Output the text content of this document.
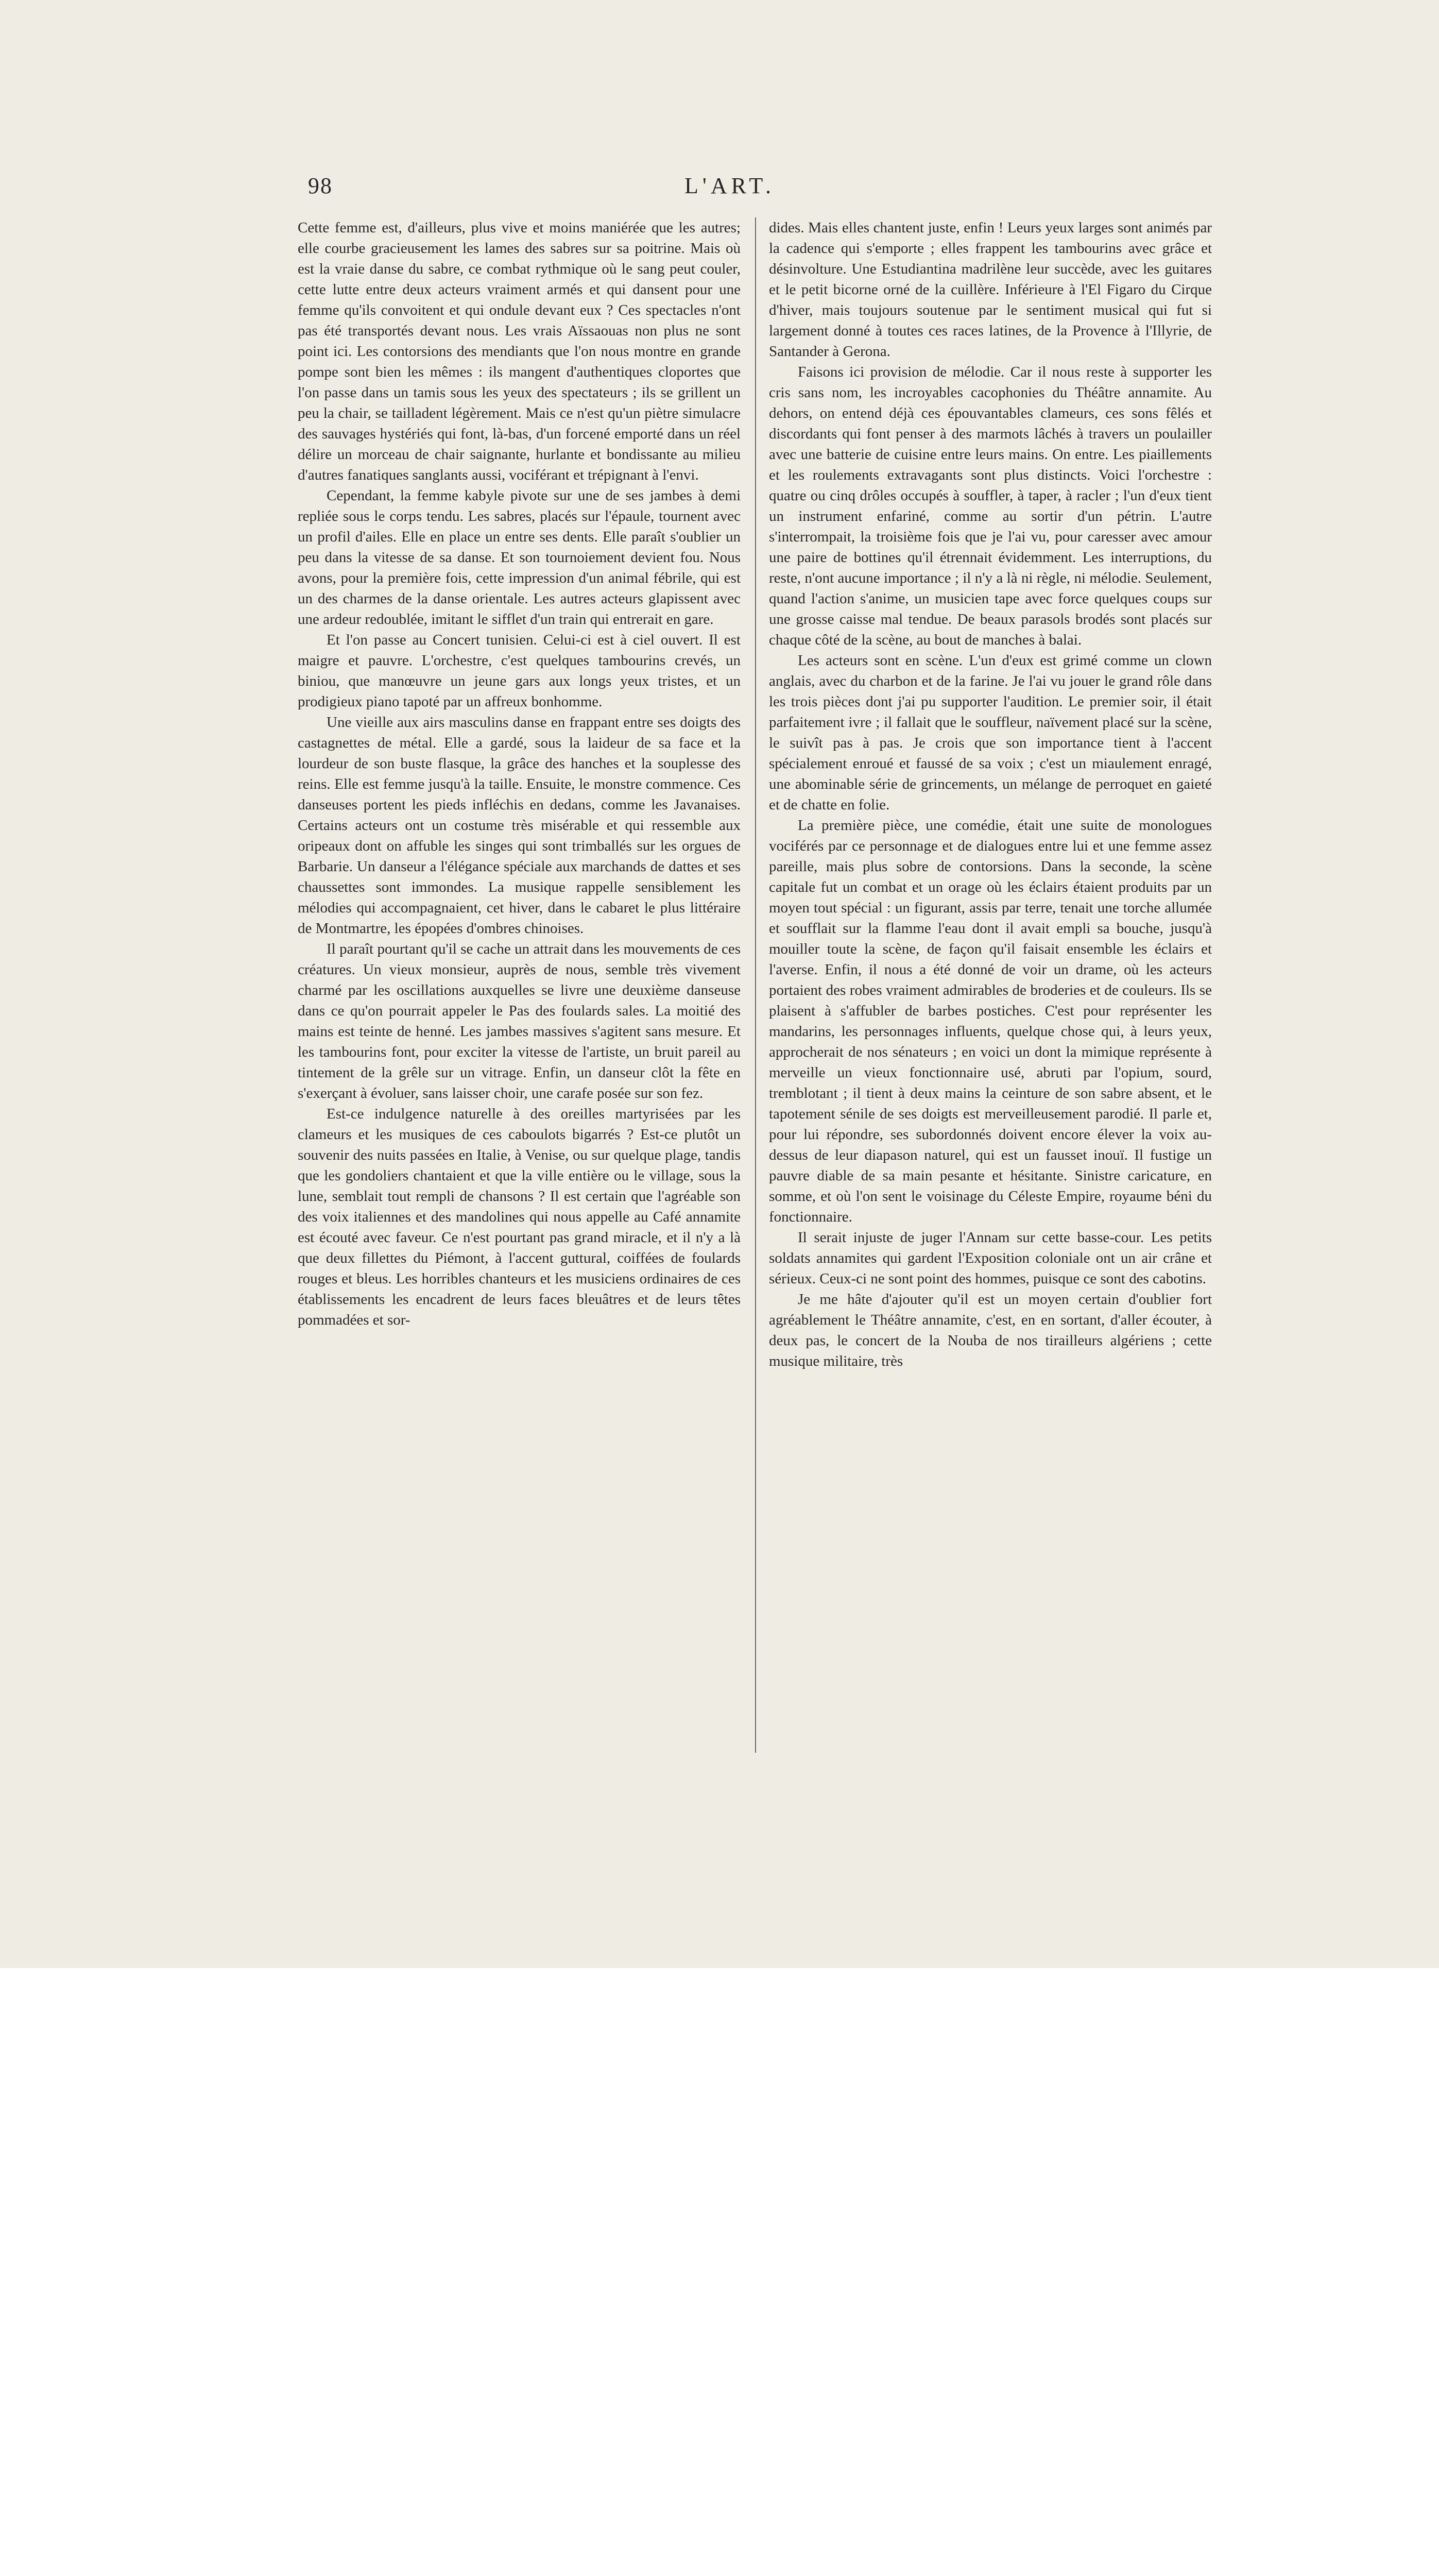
98	L'ART.

Cette femme est, d'ailleurs, plus vive et moins maniérée que les autres; elle courbe gracieusement les lames des sabres sur sa poitrine. Mais où est la vraie danse du sabre, ce combat rythmique où le sang peut couler, cette lutte entre deux acteurs vraiment armés et qui dansent pour une femme qu'ils convoitent et qui ondule devant eux ? Ces spectacles n'ont pas été transportés devant nous. Les vrais Aïssaouas non plus ne sont point ici. Les contorsions des mendiants que l'on nous montre en grande pompe sont bien les mêmes : ils mangent d'authentiques cloportes que l'on passe dans un tamis sous les yeux des spectateurs ; ils se grillent un peu la chair, se tailladent légèrement. Mais ce n'est qu'un piètre simulacre des sauvages hystériés qui font, là-bas, d'un forcené emporté dans un réel délire un morceau de chair saignante, hurlante et bondissante au milieu d'autres fanatiques sanglants aussi, vociférant et trépignant à l'envi.

Cependant, la femme kabyle pivote sur une de ses jambes à demi repliée sous le corps tendu. Les sabres, placés sur l'épaule, tournent avec un profil d'ailes. Elle en place un entre ses dents. Elle paraît s'oublier un peu dans la vitesse de sa danse. Et son tournoiement devient fou. Nous avons, pour la première fois, cette impression d'un animal fébrile, qui est un des charmes de la danse orientale. Les autres acteurs glapissent avec une ardeur redoublée, imitant le sifflet d'un train qui entrerait en gare.

Et l'on passe au Concert tunisien. Celui-ci est à ciel ouvert. Il est maigre et pauvre. L'orchestre, c'est quelques tambourins crevés, un biniou, que manœuvre un jeune gars aux longs yeux tristes, et un prodigieux piano tapoté par un affreux bonhomme.

Une vieille aux airs masculins danse en frappant entre ses doigts des castagnettes de métal. Elle a gardé, sous la laideur de sa face et la lourdeur de son buste flasque, la grâce des hanches et la souplesse des reins. Elle est femme jusqu'à la taille. Ensuite, le monstre commence. Ces danseuses portent les pieds infléchis en dedans, comme les Javanaises. Certains acteurs ont un costume très misérable et qui ressemble aux oripeaux dont on affuble les singes qui sont trimballés sur les orgues de Barbarie. Un danseur a l'élégance spéciale aux marchands de dattes et ses chaussettes sont immondes. La musique rappelle sensiblement les mélodies qui accompagnaient, cet hiver, dans le cabaret le plus littéraire de Montmartre, les épopées d'ombres chinoises.

Il paraît pourtant qu'il se cache un attrait dans les mouvements de ces créatures. Un vieux monsieur, auprès de nous, semble très vivement charmé par les oscillations auxquelles se livre une deuxième danseuse dans ce qu'on pourrait appeler le Pas des foulards sales. La moitié des mains est teinte de henné. Les jambes massives s'agitent sans mesure. Et les tambourins font, pour exciter la vitesse de l'artiste, un bruit pareil au tintement de la grêle sur un vitrage. Enfin, un danseur clôt la fête en s'exerçant à évoluer, sans laisser choir, une carafe posée sur son fez.

Est-ce indulgence naturelle à des oreilles martyrisées par les clameurs et les musiques de ces caboulots bigarrés ? Est-ce plutôt un souvenir des nuits passées en Italie, à Venise, ou sur quelque plage, tandis que les gondoliers chantaient et que la ville entière ou le village, sous la lune, semblait tout rempli de chansons ? Il est certain que l'agréable son des voix italiennes et des mandolines qui nous appelle au Café annamite est écouté avec faveur. Ce n'est pourtant pas grand miracle, et il n'y a là que deux fillettes du Piémont, à l'accent guttural, coiffées de foulards rouges et bleus. Les horribles chanteurs et les musiciens ordinaires de ces établissements les encadrent de leurs faces bleuâtres et de leurs têtes pommadées et sor-

dides. Mais elles chantent juste, enfin ! Leurs yeux larges sont animés par la cadence qui s'emporte ; elles frappent les tambourins avec grâce et désinvolture. Une Estudiantina madrilène leur succède, avec les guitares et le petit bicorne orné de la cuillère. Inférieure à l'El Figaro du Cirque d'hiver, mais toujours soutenue par le sentiment musical qui fut si largement donné à toutes ces races latines, de la Provence à l'Illyrie, de Santander à Gerona.

Faisons ici provision de mélodie. Car il nous reste à supporter les cris sans nom, les incroyables cacophonies du Théâtre annamite. Au dehors, on entend déjà ces épouvantables clameurs, ces sons fêlés et discordants qui font penser à des marmots lâchés à travers un poulailler avec une batterie de cuisine entre leurs mains. On entre. Les piaillements et les roulements extravagants sont plus distincts. Voici l'orchestre : quatre ou cinq drôles occupés à souffler, à taper, à racler ; l'un d'eux tient un instrument enfariné, comme au sortir d'un pétrin. L'autre s'interrompait, la troisième fois que je l'ai vu, pour caresser avec amour une paire de bottines qu'il étrennait évidemment. Les interruptions, du reste, n'ont aucune importance ; il n'y a là ni règle, ni mélodie. Seulement, quand l'action s'anime, un musicien tape avec force quelques coups sur une grosse caisse mal tendue. De beaux parasols brodés sont placés sur chaque côté de la scène, au bout de manches à balai.

Les acteurs sont en scène. L'un d'eux est grimé comme un clown anglais, avec du charbon et de la farine. Je l'ai vu jouer le grand rôle dans les trois pièces dont j'ai pu supporter l'audition. Le premier soir, il était parfaitement ivre ; il fallait que le souffleur, naïvement placé sur la scène, le suivît pas à pas. Je crois que son importance tient à l'accent spécialement enroué et faussé de sa voix ; c'est un miaulement enragé, une abominable série de grincements, un mélange de perroquet en gaieté et de chatte en folie.

La première pièce, une comédie, était une suite de monologues vociférés par ce personnage et de dialogues entre lui et une femme assez pareille, mais plus sobre de contorsions. Dans la seconde, la scène capitale fut un combat et un orage où les éclairs étaient produits par un moyen tout spécial : un figurant, assis par terre, tenait une torche allumée et soufflait sur la flamme l'eau dont il avait empli sa bouche, jusqu'à mouiller toute la scène, de façon qu'il faisait ensemble les éclairs et l'averse. Enfin, il nous a été donné de voir un drame, où les acteurs portaient des robes vraiment admirables de broderies et de couleurs. Ils se plaisent à s'affubler de barbes postiches. C'est pour représenter les mandarins, les personnages influents, quelque chose qui, à leurs yeux, approcherait de nos sénateurs ; en voici un dont la mimique représente à merveille un vieux fonctionnaire usé, abruti par l'opium, sourd, tremblotant ; il tient à deux mains la ceinture de son sabre absent, et le tapotement sénile de ses doigts est merveilleusement parodié. Il parle et, pour lui répondre, ses subordonnés doivent encore élever la voix au-dessus de leur diapason naturel, qui est un fausset inouï. Il fustige un pauvre diable de sa main pesante et hésitante. Sinistre caricature, en somme, et où l'on sent le voisinage du Céleste Empire, royaume béni du fonctionnaire.

Il serait injuste de juger l'Annam sur cette basse-cour. Les petits soldats annamites qui gardent l'Exposition coloniale ont un air crâne et sérieux. Ceux-ci ne sont point des hommes, puisque ce sont des cabotins.

Je me hâte d'ajouter qu'il est un moyen certain d'oublier fort agréablement le Théâtre annamite, c'est, en en sortant, d'aller écouter, à deux pas, le concert de la Nouba de nos tirailleurs algériens ; cette musique militaire, très
